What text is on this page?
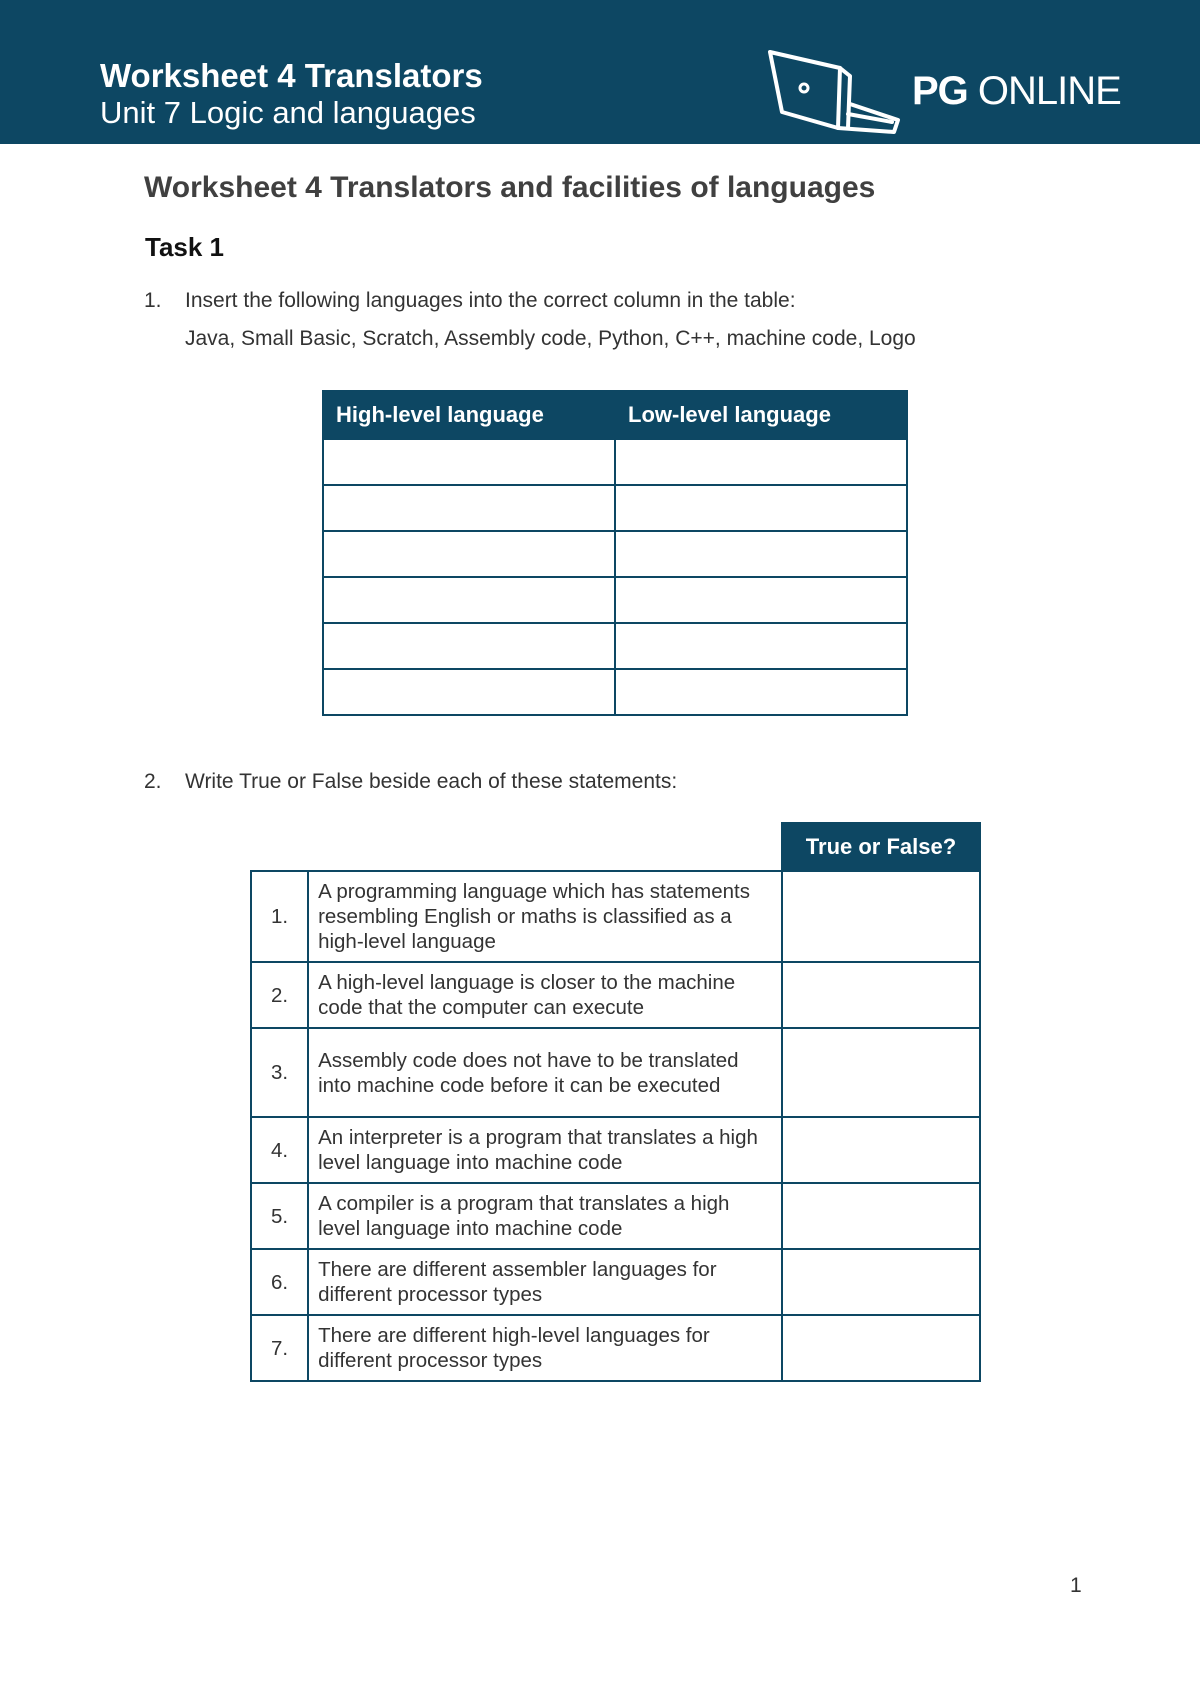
Worksheet 4 Translators
Unit 7 Logic and languages	PG ONLINE
Worksheet 4 Translators and facilities of languages
Task 1
1. Insert the following languages into the correct column in the table:
Java, Small Basic, Scratch, Assembly code, Python, C++, machine code, Logo
High-level language	Low-level language

2. Write True or False beside each of these statements:
		True or False?
1.	A programming language which has statements resembling English or maths is classified as a high-level language	
2.	A high-level language is closer to the machine code that the computer can execute	
3.	Assembly code does not have to be translated into machine code before it can be executed	
4.	An interpreter is a program that translates a high level language into machine code	
5.	A compiler is a program that translates a high level language into machine code	
6.	There are different assembler languages for different processor types	
7.	There are different high-level languages for different processor types	
1
